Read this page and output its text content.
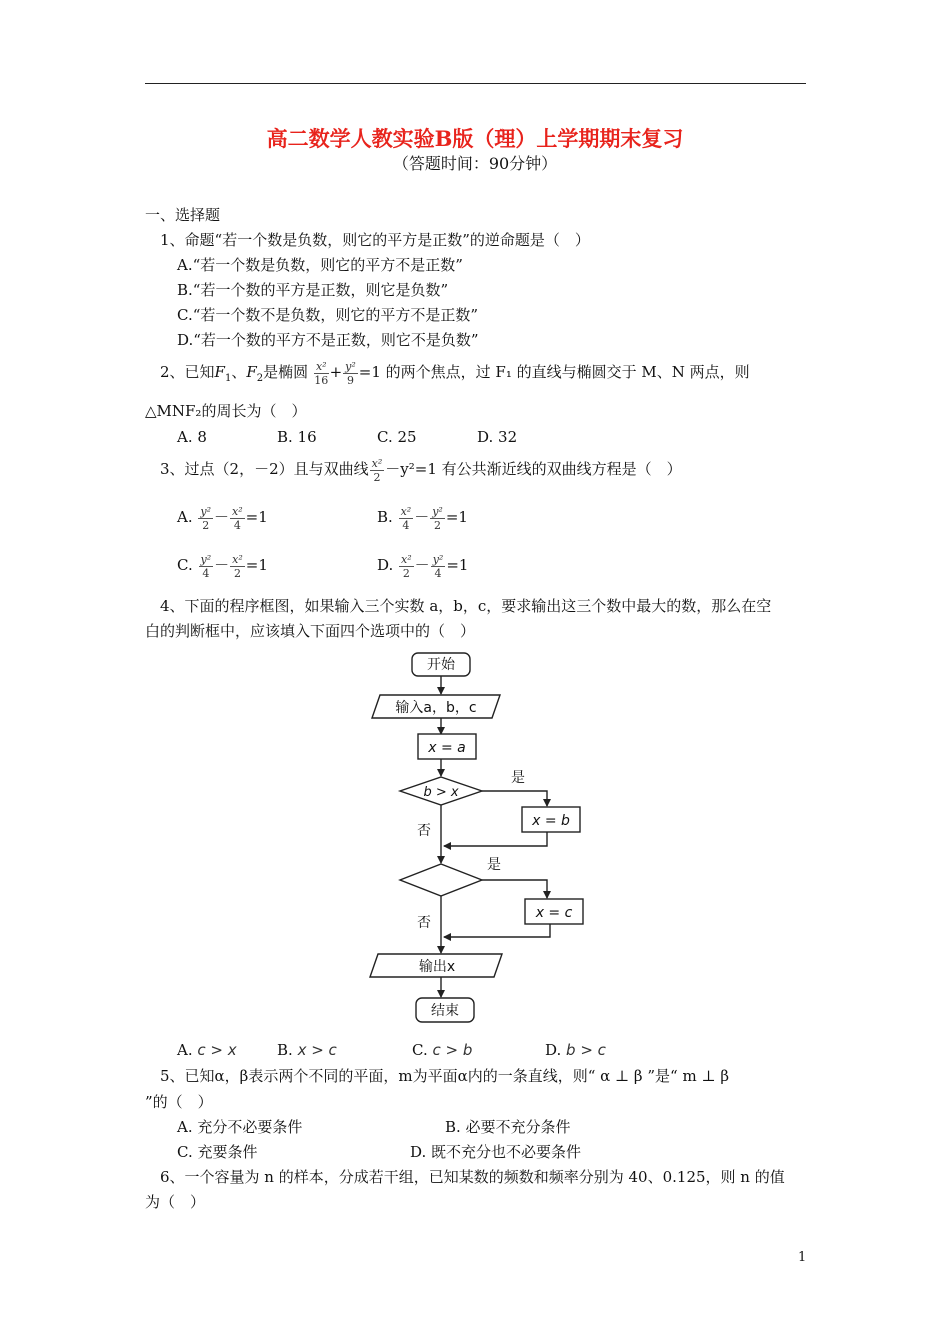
高二数学人教实验B版（理）上学期期末复习
（答题时间：90分钟）
一、选择题
1、命题“若一个数是负数，则它的平方是正数”的逆命题是（　）
A.“若一个数是负数，则它的平方不是正数”
B.“若一个数的平方是正数，则它是负数”
C.“若一个数不是负数，则它的平方不是正数”
D.“若一个数的平方不是正数，则它不是负数”
2、已知$F_1$、$F_2$是椭圆 $\frac{\text{x²}}{16} + \frac{\text{y²}}{9} =1$ 的两个焦点，过 F₁ 的直线与椭圆交于 M、N 两点，则
△MNF₂的周长为（　）
A. 8	B. 16	C. 25	D. 32
3、过点（2，－2）且与双曲线 $\frac{\text{x²}}{2} -y^2=1$ 有公共渐近线的双曲线方程是（　）
A. $\frac{\text{y²}}{2} - \frac{\text{x²}}{4} =1$	B. $\frac{\text{x²}}{4} - \frac{\text{y²}}{2} =1$
C. $\frac{\text{y²}}{4} - \frac{\text{x²}}{2} =1$	D. $\frac{\text{x²}}{2} - \frac{\text{y²}}{4} =1$
4、下面的程序框图，如果输入三个实数 a，b，c，要求输出这三个数中最大的数，那么在空
白的判断框中，应该填入下面四个选项中的（　）
开始
输入a，b，c
x = a
b > x
是
x = b
否
是
x = c
否
输出x
结束
A. c > x	B. x > c	C. c > b	D. b > c
5、已知α，β表示两个不同的平面，m为平面α内的一条直线，则“ α ⊥ β ”是“ m ⊥ β
”的（　）
A. 充分不必要条件	B. 必要不充分条件
C. 充要条件	D. 既不充分也不必要条件
6、一个容量为 n 的样本，分成若干组，已知某数的频数和频率分别为 40、0.125，则 n 的值
为（　）
1
